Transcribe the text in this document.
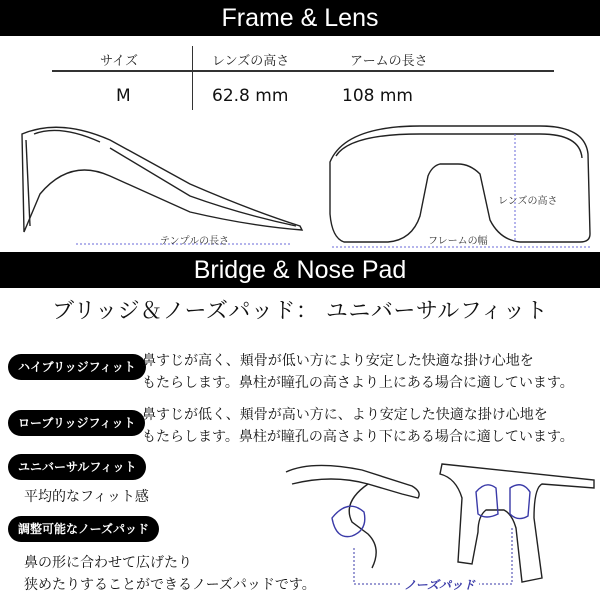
Frame & Lens
サイズ	レンズの高さ	アームの長さ
M	62.8 mm	108 mm
テンプルの長さ
レンズの高さ
フレームの幅
Bridge & Nose Pad
ブリッジ＆ノーズパッド： ユニバーサルフィット
ハイブリッジフィット 鼻すじが高く、頬骨が低い方により安定した快適な掛け心地を
もたらします。鼻柱が瞳孔の高さより上にある場合に適しています。
ローブリッジフィット 鼻すじが低く、頬骨が高い方に、より安定した快適な掛け心地を
もたらします。鼻柱が瞳孔の高さより下にある場合に適しています。
ユニバーサルフィット
平均的なフィット感
調整可能なノーズパッド
鼻の形に合わせて広げたり
狭めたりすることができるノーズパッドです。	ノーズパッド
